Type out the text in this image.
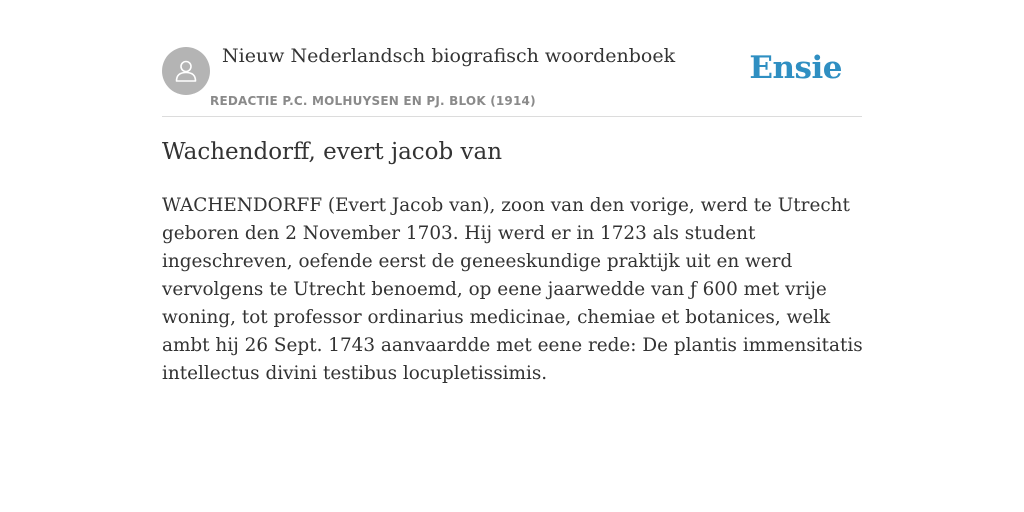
Nieuw Nederlandsch biografisch woordenboek
REDACTIE P.C. MOLHUYSEN EN PJ. BLOK (1914)
Ensie
Wachendorff, evert jacob van

WACHENDORFF (Evert Jacob van), zoon van den vorige, werd te Utrecht geboren den 2 November 1703. Hij werd er in 1723 als student ingeschreven, oefende eerst de geneeskundige praktijk uit en werd vervolgens te Utrecht benoemd, op eene jaarwedde van ƒ 600 met vrije woning, tot professor ordinarius medicinae, chemiae et botanices, welk ambt hij 26 Sept. 1743 aanvaardde met eene rede: De plantis immensitatis intellectus divini testibus locupletissimis.
